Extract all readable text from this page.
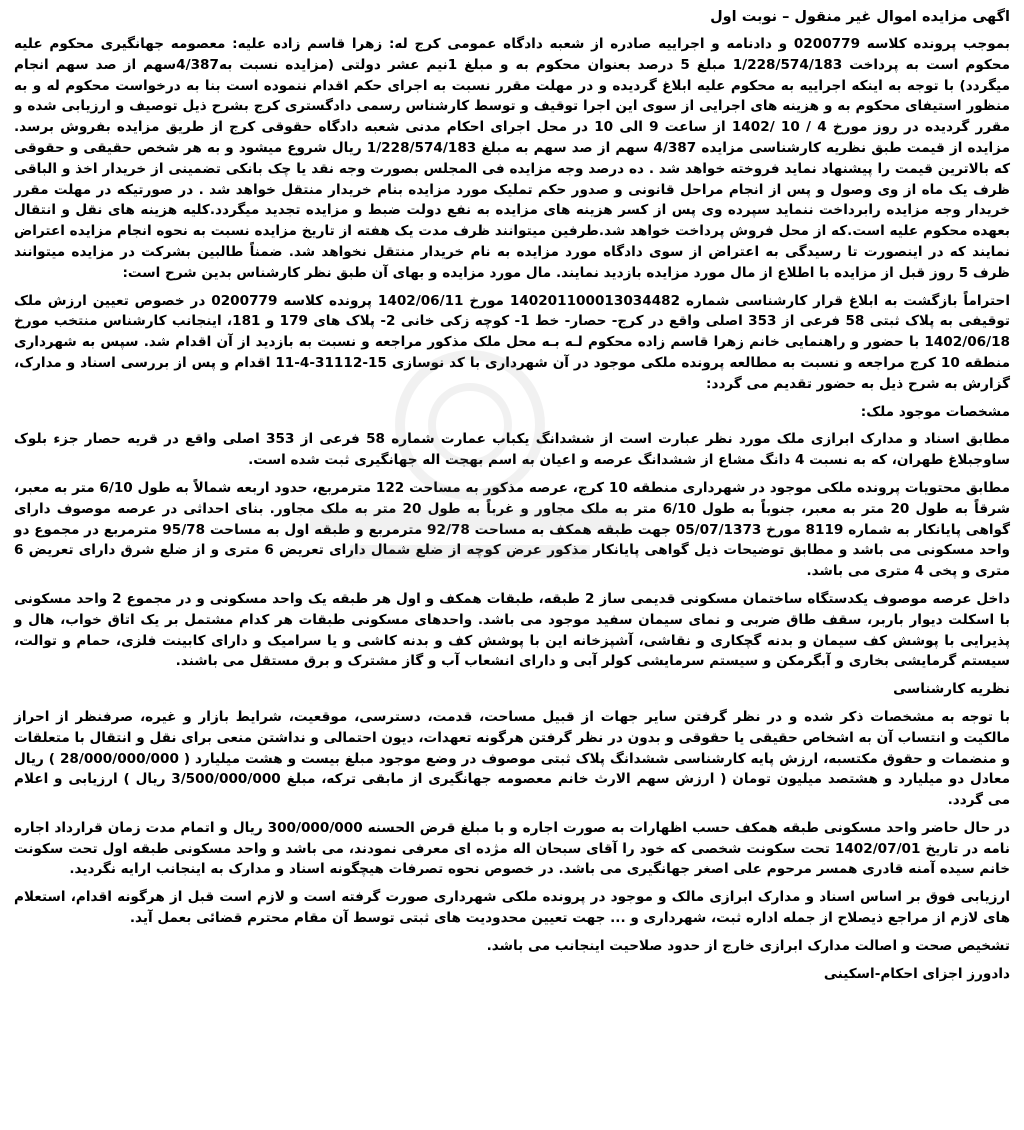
اگهی مزایده اموال غیر منقول – نوبت اول

بموجب پرونده کلاسه 0200779 و دادنامه و اجراییه صادره از شعبه دادگاه عمومی کرج له: زهرا قاسم زاده علیه: معصومه جهانگیری محکوم علیه محکوم است به پرداخت 1/228/574/183 مبلغ 5 درصد بعنوان محکوم به و مبلغ 1نیم عشر دولتی (مزایده نسبت به4/387سهم از صد سهم انجام میگردد) با توجه به اینکه اجراییه به محکوم علیه ابلاغ گردیده و در مهلت مقرر نسبت به اجرای حکم اقدام ننموده است بنا به درخواست محکوم له و به منظور استیفای محکوم به و هزینه های اجرایی از سوی این اجرا توقیف و توسط کارشناس رسمی دادگستری کرج بشرح ذیل توصیف و ارزیابی شده و مقرر گردیده در روز مورخ 4 / 10 /1402 از ساعت 9 الی 10 در محل اجرای احکام مدنی شعبه دادگاه حقوقی کرج از طریق مزایده بفروش برسد. مزایده از قیمت طبق نظریه کارشناسی مزایده 4/387 سهم از صد سهم به مبلغ 1/228/574/183 ریال شروع میشود و به هر شخص حقیقی و حقوقی که بالاترین قیمت را پیشنهاد نماید فروخته خواهد شد . ده درصد وجه مزایده فی المجلس بصورت وجه نقد یا چک بانکی تضمینی از خریدار اخذ و الباقی ظرف یک ماه از وی وصول و پس از انجام مراحل قانونی و صدور حکم تملیک مورد مزایده بنام خریدار منتقل خواهد شد . در صورتیکه در مهلت مقرر خریدار وجه مزایده رابرداخت ننماید سپرده وی پس از کسر هزینه های مزایده به نفع دولت ضبط و مزایده تجدید میگردد.کلیه هزینه های نقل و انتقال بعهده محکوم علیه است.که از محل فروش پرداخت خواهد شد.طرفین میتوانند ظرف مدت یک هفته از تاریخ مزایده نسبت به نحوه انجام مزایده اعتراض نمایند که در اینصورت تا رسیدگی به اعتراض از سوی دادگاه مورد مزایده به نام خریدار منتقل نخواهد شد. ضمناً طالبین بشرکت در مزایده میتوانند ظرف 5 روز قبل از مزایده با اطلاع از مال مورد مزایده بازدید نمایند. مال مورد مزایده و بهای آن طبق نظر کارشناس بدین شرح است:

احتراماً بازگشت به ابلاغ قرار کارشناسی شماره 140201100013034482 مورخ 1402/06/11 پرونده کلاسه 0200779 در خصوص تعیین ارزش ملک توقیفی به پلاک ثبتی 58 فرعی از 353 اصلی واقع در کرج- حصار- خط 1- کوچه زکی خانی 2- پلاک های 179 و 181، اینجانب کارشناس منتخب مورخ 1402/06/18 با حضور و راهنمایی خانم زهرا قاسم زاده محکوم لـه بـه محل ملک مذکور مراجعه و نسبت به بازدید از آن اقدام شد. سپس به شهرداری منطقه 10 کرج مراجعه و نسبت به مطالعه پرونده ملکی موجود در آن شهرداری با کد نوسازی 15-31112-4-11 اقدام و پس از بررسی اسناد و مدارک، گزارش به شرح ذیل به حضور تقدیم می گردد:

مشخصات موجود ملک:

مطابق اسناد و مدارک ابرازی ملک مورد نظر عبارت است از ششدانگ یکباب عمارت شماره 58 فرعی از 353 اصلی واقع در قریه حصار جزء بلوک ساوجبلاغ طهران، که به نسبت 4 دانگ مشاع از ششدانگ عرصه و اعیان به اسم بهجت اله جهانگیری ثبت شده است.

مطابق محتویات پرونده ملکی موجود در شهرداری منطقه 10 کرج، عرصه مذکور به مساحت 122 مترمربع، حدود اربعه شمالاً به طول 6/10 متر به معبر، شرقاً به طول 20 متر به معبر، جنوباً به طول 6/10 متر به ملک مجاور و غرباً به طول 20 متر به ملک مجاور. بنای احداثی در عرصه موصوف دارای گواهی پایانکار به شماره 8119 مورخ 05/07/1373 جهت طبقه همکف به مساحت 92/78 مترمربع و طبقه اول به مساحت 95/78 مترمربع در مجموع دو واحد مسکونی می باشد و مطابق توضیحات ذیل گواهی پایانکار مذکور عرض کوچه از ضلع شمال دارای تعریض 6 متری و از ضلع شرق دارای تعریض 6 متری و پخی 4 متری می باشد.

داخل عرصه موصوف یکدستگاه ساختمان مسکونی قدیمی ساز 2 طبقه، طبقات همکف و اول هر طبقه یک واحد مسکونی و در مجموع 2 واحد مسکونی با اسکلت دیوار باربر، سقف طاق ضربی و نمای سیمان سفید موجود می باشد. واحدهای مسکونی طبقات هر کدام مشتمل بر یک اتاق خواب، هال و پذیرایی با پوشش کف سیمان و بدنه گچکاری و نقاشی، آشپزخانه این با پوشش کف و بدنه کاشی و یا سرامیک و دارای کابینت فلزی، حمام و توالت، سیستم گرمایشی بخاری و آبگرمکن و سیستم سرمایشی کولر آبی و دارای انشعاب آب و گاز مشترک و برق مستقل می باشند.

نظریه کارشناسی

با توجه به مشخصات ذکر شده و در نظر گرفتن سایر جهات از قبیل مساحت، قدمت، دسترسی، موقعیت، شرایط بازار و غیره، صرفنظر از احراز مالکیت و انتساب آن به اشخاص حقیقی یا حقوقی و بدون در نظر گرفتن هرگونه تعهدات، دیون احتمالی و نداشتن منعی برای نقل و انتقال با متعلقات و منضمات و حقوق مکتسبه، ارزش پایه کارشناسی ششدانگ پلاک ثبتی موصوف در وضع موجود مبلغ بیست و هشت میلیارد ( 28/000/000/000 ) ریال معادل دو میلیارد و هشتصد میلیون تومان ( ارزش سهم الارث خانم معصومه جهانگیری از مابقی ترکه، مبلغ 3/500/000/000 ریال ) ارزیابی و اعلام می گردد.

در حال حاضر واحد مسکونی طبقه همکف حسب اظهارات به صورت اجاره و با مبلغ قرض الحسنه 300/000/000 ریال و اتمام مدت زمان قرارداد اجاره نامه در تاریخ 1402/07/01 تحت سکونت شخصی که خود را آقای سبحان اله مژده ای معرفی نمودند، می باشد و واحد مسکونی طبقه اول تحت سکونت خانم سیده آمنه قادری همسر مرحوم علی اصغر جهانگیری می باشد. در خصوص نحوه تصرفات هیچگونه اسناد و مدارک به اینجانب ارایه نگردید.

ارزیابی فوق بر اساس اسناد و مدارک ابرازی مالک و موجود در پرونده ملکی شهرداری صورت گرفته است و لازم است قبل از هرگونه اقدام، استعلام های لازم از مراجع ذیصلاح از جمله اداره ثبت، شهرداری و ... جهت تعیین محدودیت های ثبتی توسط آن مقام محترم قضائی بعمل آید.

تشخیص صحت و اصالت مدارک ابرازی خارج از حدود صلاحیت اینجانب می باشد.

دادورز اجزای احکام-اسکینی
